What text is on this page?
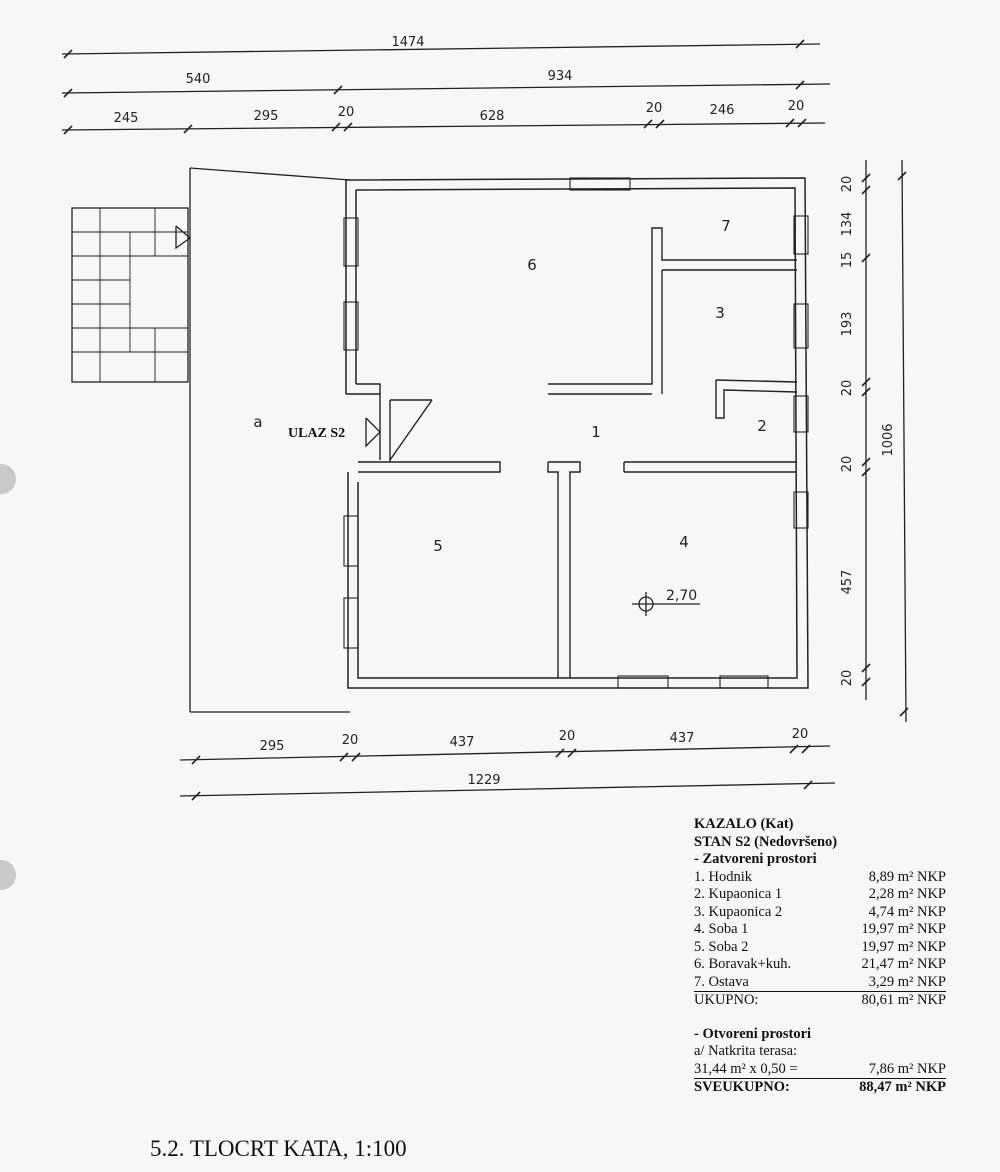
1474
540	934
245	295	20	628
20	246	20
295	20	437	20	437	20
1229
20
134
15
193
20
20
457
20
1006
1	2
3
4
5
6
7
a
ULAZ S2
2,70
KAZALO (Kat)
STAN S2 (Nedovršeno)
- Zatvoreni prostori
1. Hodnik	8,89 m² NKP
2. Kupaonica 1	2,28 m² NKP
3. Kupaonica 2	4,74 m² NKP
4. Soba 1	19,97 m² NKP
5. Soba 2	19,97 m² NKP
6. Boravak+kuh.	21,47 m² NKP
7. Ostava	3,29 m² NKP
UKUPNO:	80,61 m² NKP
- Otvoreni prostori
a/ Natkrita terasa:
31,44 m² x 0,50 =	7,86 m² NKP
SVEUKUPNO:	88,47 m² NKP
5.2. TLOCRT KATA, 1:100
